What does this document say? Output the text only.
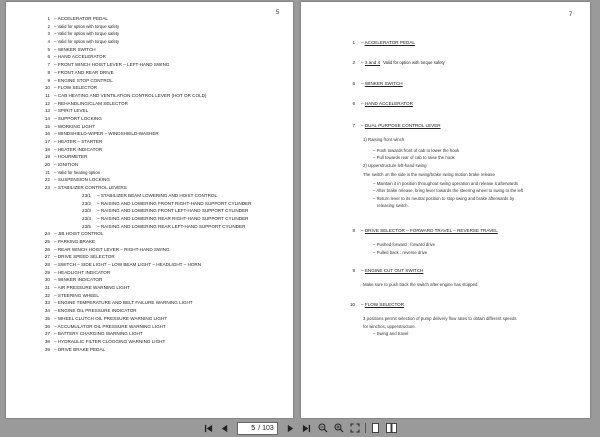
5
1 – ACCELERATOR PEDAL
2 – Valid for option with torque safety
3 – Valid for option with torque safety
4 – Valid for option with torque safety
5 – WINKER SWITCH
6 – HAND ACCELERATOR
7 – FRONT WINCH HOIST LEVER – LEFT-HAND SWING
8 – FRONT AND REAR DRIVE
9 – ENGINE STOP CONTROL
10 – FLOW SELECTOR
11 – CAB HEATING AND VENTILATION CONTROL LEVER (HOT OR COLD)
12 – REHANDLING/CLAM SELECTOR
13 – SPIRIT LEVEL
14 – SUPPORT LOCKING
15 – WORKING LIGHT
16 – WINDSHIELD-WIPER – WINDSHIELD-WASHER
17 – HEATER – STARTER
18 – HEATER INDICATOR
19 – HOURMETER
20 – IGNITION
21 – Valid for heating option
22 – SUSPENSION LOCKING
23 – STABILIZER CONTROL LEVERS
23/1 – STABILIZER BEAM LOWERING AND HOIST CONTROL
23/2 – RAISING AND LOWERING FRONT RIGHT-HAND SUPPORT CYLINDER
23/3 – RAISING AND LOWERING FRONT LEFT-HAND SUPPORT CYLINDER
23/4 – RAISING AND LOWERING REAR RIGHT-HAND SUPPORT CYLINDER
23/5 – RAISING AND LOWERING REAR LEFT-HAND SUPPORT CYLINDER
24 – JIB HOIST CONTROL
25 – PARKING BRAKE
26 – REAR WINCH HOIST LEVER – RIGHT-HAND SWING
27 – DRIVE SPEED SELECTOR
28 – SWITCH – SIDE LIGHT – LOW BEAM LIGHT – HEADLIGHT – HORN
29 – HEADLIGHT INDICATOR
30 – WINKER INDICATOR
31 – AIR PRESSURE WARNING LIGHT
32 – STEERING WHEEL
33 – ENGINE TEMPERATURE AND BELT FAILURE WARNING LIGHT
34 – ENGINE OIL PRESSURE INDICATOR
35 – WHEEL CLUTCH OIL PRESSURE WARNING LIGHT
36 – ACCUMULATOR OIL PRESSURE WARNING LIGHT
37 – BATTERY CHARGING WARNING LIGHT
38 – HYDRAULIC FILTER CLOGGING WARNING LIGHT
39 – DRIVE BRAKE PEDAL
7
1 – ACCELERATOR PEDAL
2 – 3 and 4 Valid for option with torque safety
5 – WINKER SWITCH
6 – HAND ACCELERATOR
7 – DUAL PURPOSE CONTROL LEVER
1) Raising front winch
– Push towards front of cab to lower the hook
– Pull towards rear of cab to raise the hook
2) Upperstructure left-hand swing
The switch on the side is the swing/brake swing motion brake release
– Maintain it in position throughout swing operation and release it afterwards
– After brake release, bring lever towards the steering wheel to swing to the left
– Return lever to its neutral position to stop swing and brake afterwards by
releasing switch.
8 – DRIVE SELECTOR – FORWARD TRAVEL – REVERSE TRAVEL
– Pushed forward : forward drive
– Pulled back : reverse drive
9 – ENGINE CUT OUT SWITCH
Make sure to push back the switch after engine has stopped.
10 – FLOW SELECTOR
3 positions permit selection of pump delivery flow rates to obtain different speeds
for winches, upperstructure.
– Swing and travel
5
/ 103
